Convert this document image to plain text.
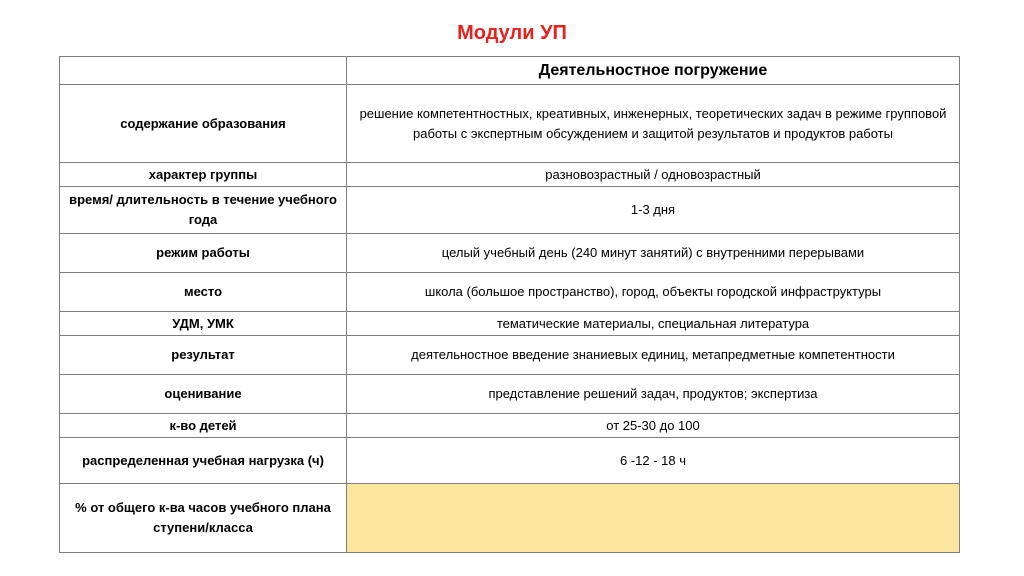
Модули УП
	Деятельностное погружение
содержание образования	решение компетентностных, креативных, инженерных, теоретических задач в режиме групповой работы с экспертным обсуждением и защитой результатов и продуктов работы
характер группы	разновозрастный / одновозрастный
время/ длительность в течение учебного года	1-3 дня
режим работы	целый учебный день (240 минут занятий) с внутренними перерывами
место	школа (большое пространство), город, объекты городской инфраструктуры
УДМ, УМК	тематические материалы, специальная литература
результат	деятельностное введение знаниевых единиц, метапредметные компетентности
оценивание	представление решений задач, продуктов; экспертиза
к-во детей	от 25-30 до 100
распределенная учебная нагрузка (ч)	6 -12 - 18 ч
% от общего к-ва часов учебного плана ступени/класса	
